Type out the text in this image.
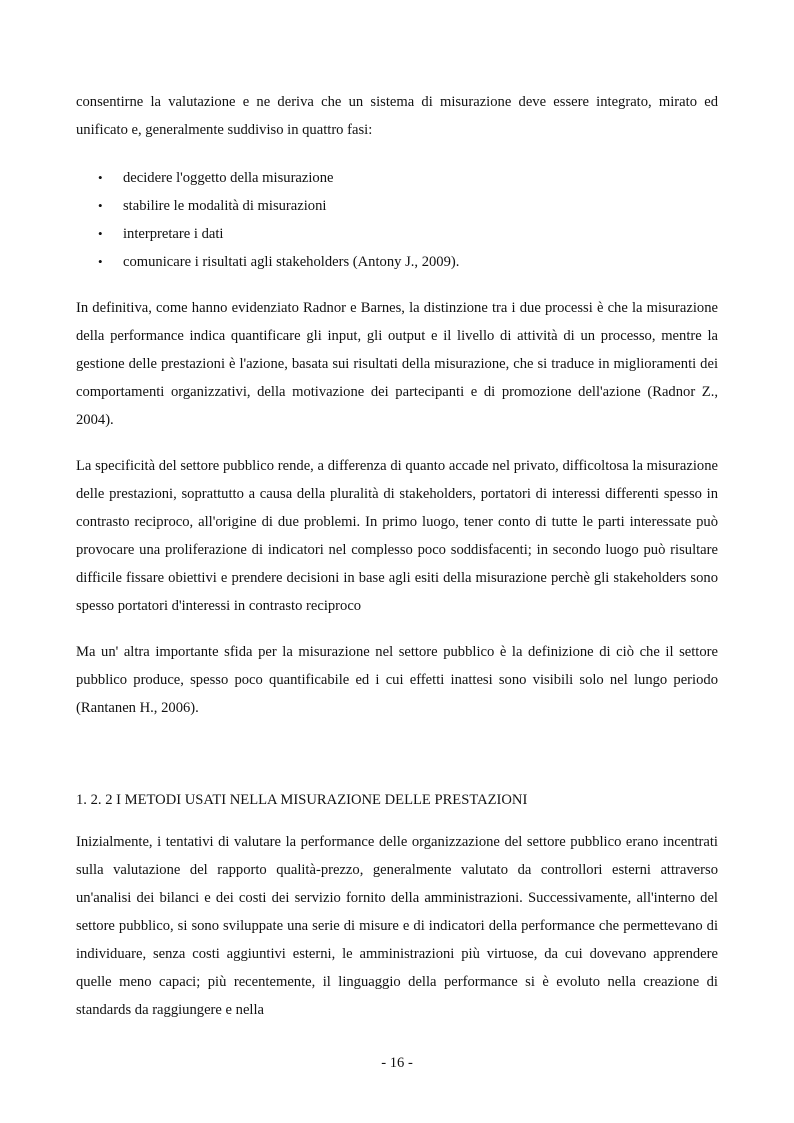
consentirne la valutazione e ne deriva che un sistema di misurazione deve essere integrato, mirato ed unificato e, generalmente suddiviso in quattro fasi:

• decidere l'oggetto della misurazione
• stabilire le modalità di misurazioni
• interpretare i dati
• comunicare i risultati agli stakeholders (Antony J., 2009).

In definitiva, come hanno evidenziato Radnor e Barnes, la distinzione tra i due processi è che la misurazione della performance indica quantificare gli input, gli output e il livello di attività di un processo, mentre la gestione delle prestazioni è l'azione, basata sui risultati della misurazione, che si traduce in miglioramenti dei comportamenti organizzativi, della motivazione dei partecipanti e di promozione dell'azione (Radnor Z., 2004).

La specificità del settore pubblico rende, a differenza di quanto accade nel privato, difficoltosa la misurazione delle prestazioni, soprattutto a causa della pluralità di stakeholders, portatori di interessi differenti spesso in contrasto reciproco, all'origine di due problemi. In primo luogo, tener conto di tutte le parti interessate può provocare una proliferazione di indicatori nel complesso poco soddisfacenti; in secondo luogo può risultare difficile fissare obiettivi e prendere decisioni in base agli esiti della misurazione perchè gli stakeholders sono spesso portatori d'interessi in contrasto reciproco

Ma un' altra importante sfida per la misurazione nel settore pubblico è la definizione di ciò che il settore pubblico produce, spesso poco quantificabile ed i cui effetti inattesi sono visibili solo nel lungo periodo (Rantanen H., 2006).

1. 2. 2 I METODI USATI NELLA MISURAZIONE DELLE PRESTAZIONI

Inizialmente, i tentativi di valutare la performance delle organizzazione del settore pubblico erano incentrati sulla valutazione del rapporto qualità-prezzo, generalmente valutato da controllori esterni attraverso un'analisi dei bilanci e dei costi dei servizio fornito della amministrazioni. Successivamente, all'interno del settore pubblico, si sono sviluppate una serie di misure e di indicatori della performance che permettevano di individuare, senza costi aggiuntivi esterni, le amministrazioni più virtuose, da cui dovevano apprendere quelle meno capaci; più recentemente, il linguaggio della performance si è evoluto nella creazione di standards da raggiungere e nella

- 16 -
